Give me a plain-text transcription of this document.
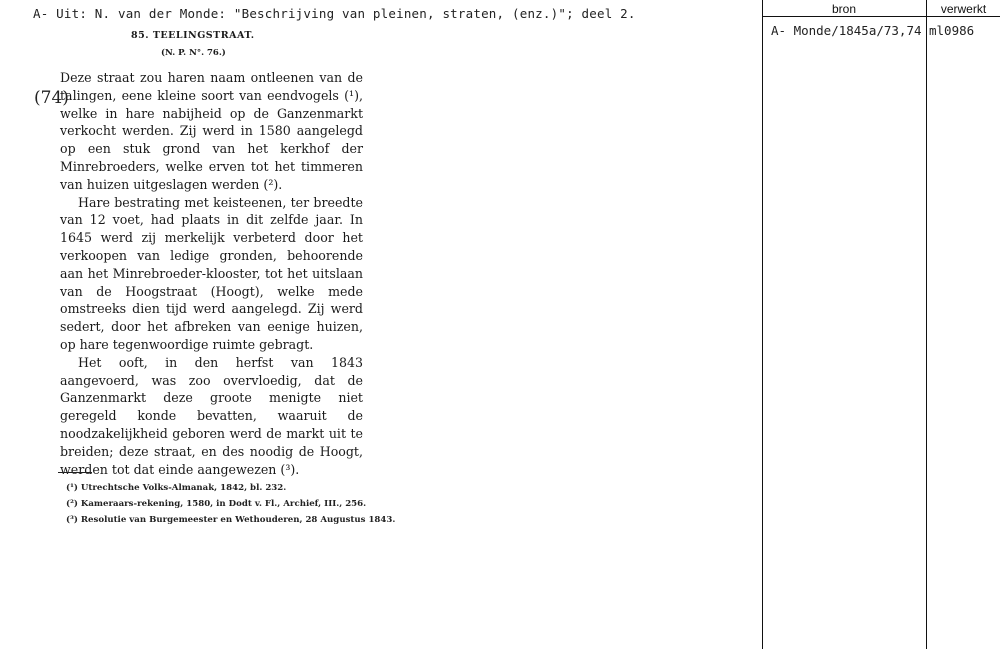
A- Uit: N. van der Monde: "Beschrijving van pleinen, straten, (enz.)"; deel 2.	bron	verwerkt
A- Monde/1845a/73,74 ml0986
85. TEELINGSTRAAT.
(N. P. N°. 76.)
(74)

Deze straat zou haren naam ontleenen van de talingen, eene kleine soort van eendvogels (¹), welke in hare nabijheid op de Ganzenmarkt verkocht werden. Zij werd in 1580 aangelegd op een stuk grond van het kerkhof der Minrebroeders, welke erven tot het timmeren van huizen uitgeslagen werden (²).

Hare bestrating met keisteenen, ter breedte van 12 voet, had plaats in dit zelfde jaar. In 1645 werd zij merkelijk verbeterd door het verkoopen van ledige gronden, behoorende aan het Minrebroeder-klooster, tot het uitslaan van de Hoogstraat (Hoogt), welke mede omstreeks dien tijd werd aangelegd. Zij werd sedert, door het afbreken van eenige huizen, op hare tegenwoordige ruimte gebragt.

Het ooft, in den herfst van 1843 aangevoerd, was zoo overvloedig, dat de Ganzenmarkt deze groote menigte niet geregeld konde bevatten, waaruit de noodzakelijkheid geboren werd de markt uit te breiden; deze straat, en des noodig de Hoogt, werden tot dat einde aangewezen (³).

(¹) Utrechtsche Volks-Almanak, 1842, bl. 232.
(²) Kameraars-rekening, 1580, in Dodt v. Fl., Archief, III., 256.
(³) Resolutie van Burgemeester en Wethouderen, 28 Augustus 1843.
